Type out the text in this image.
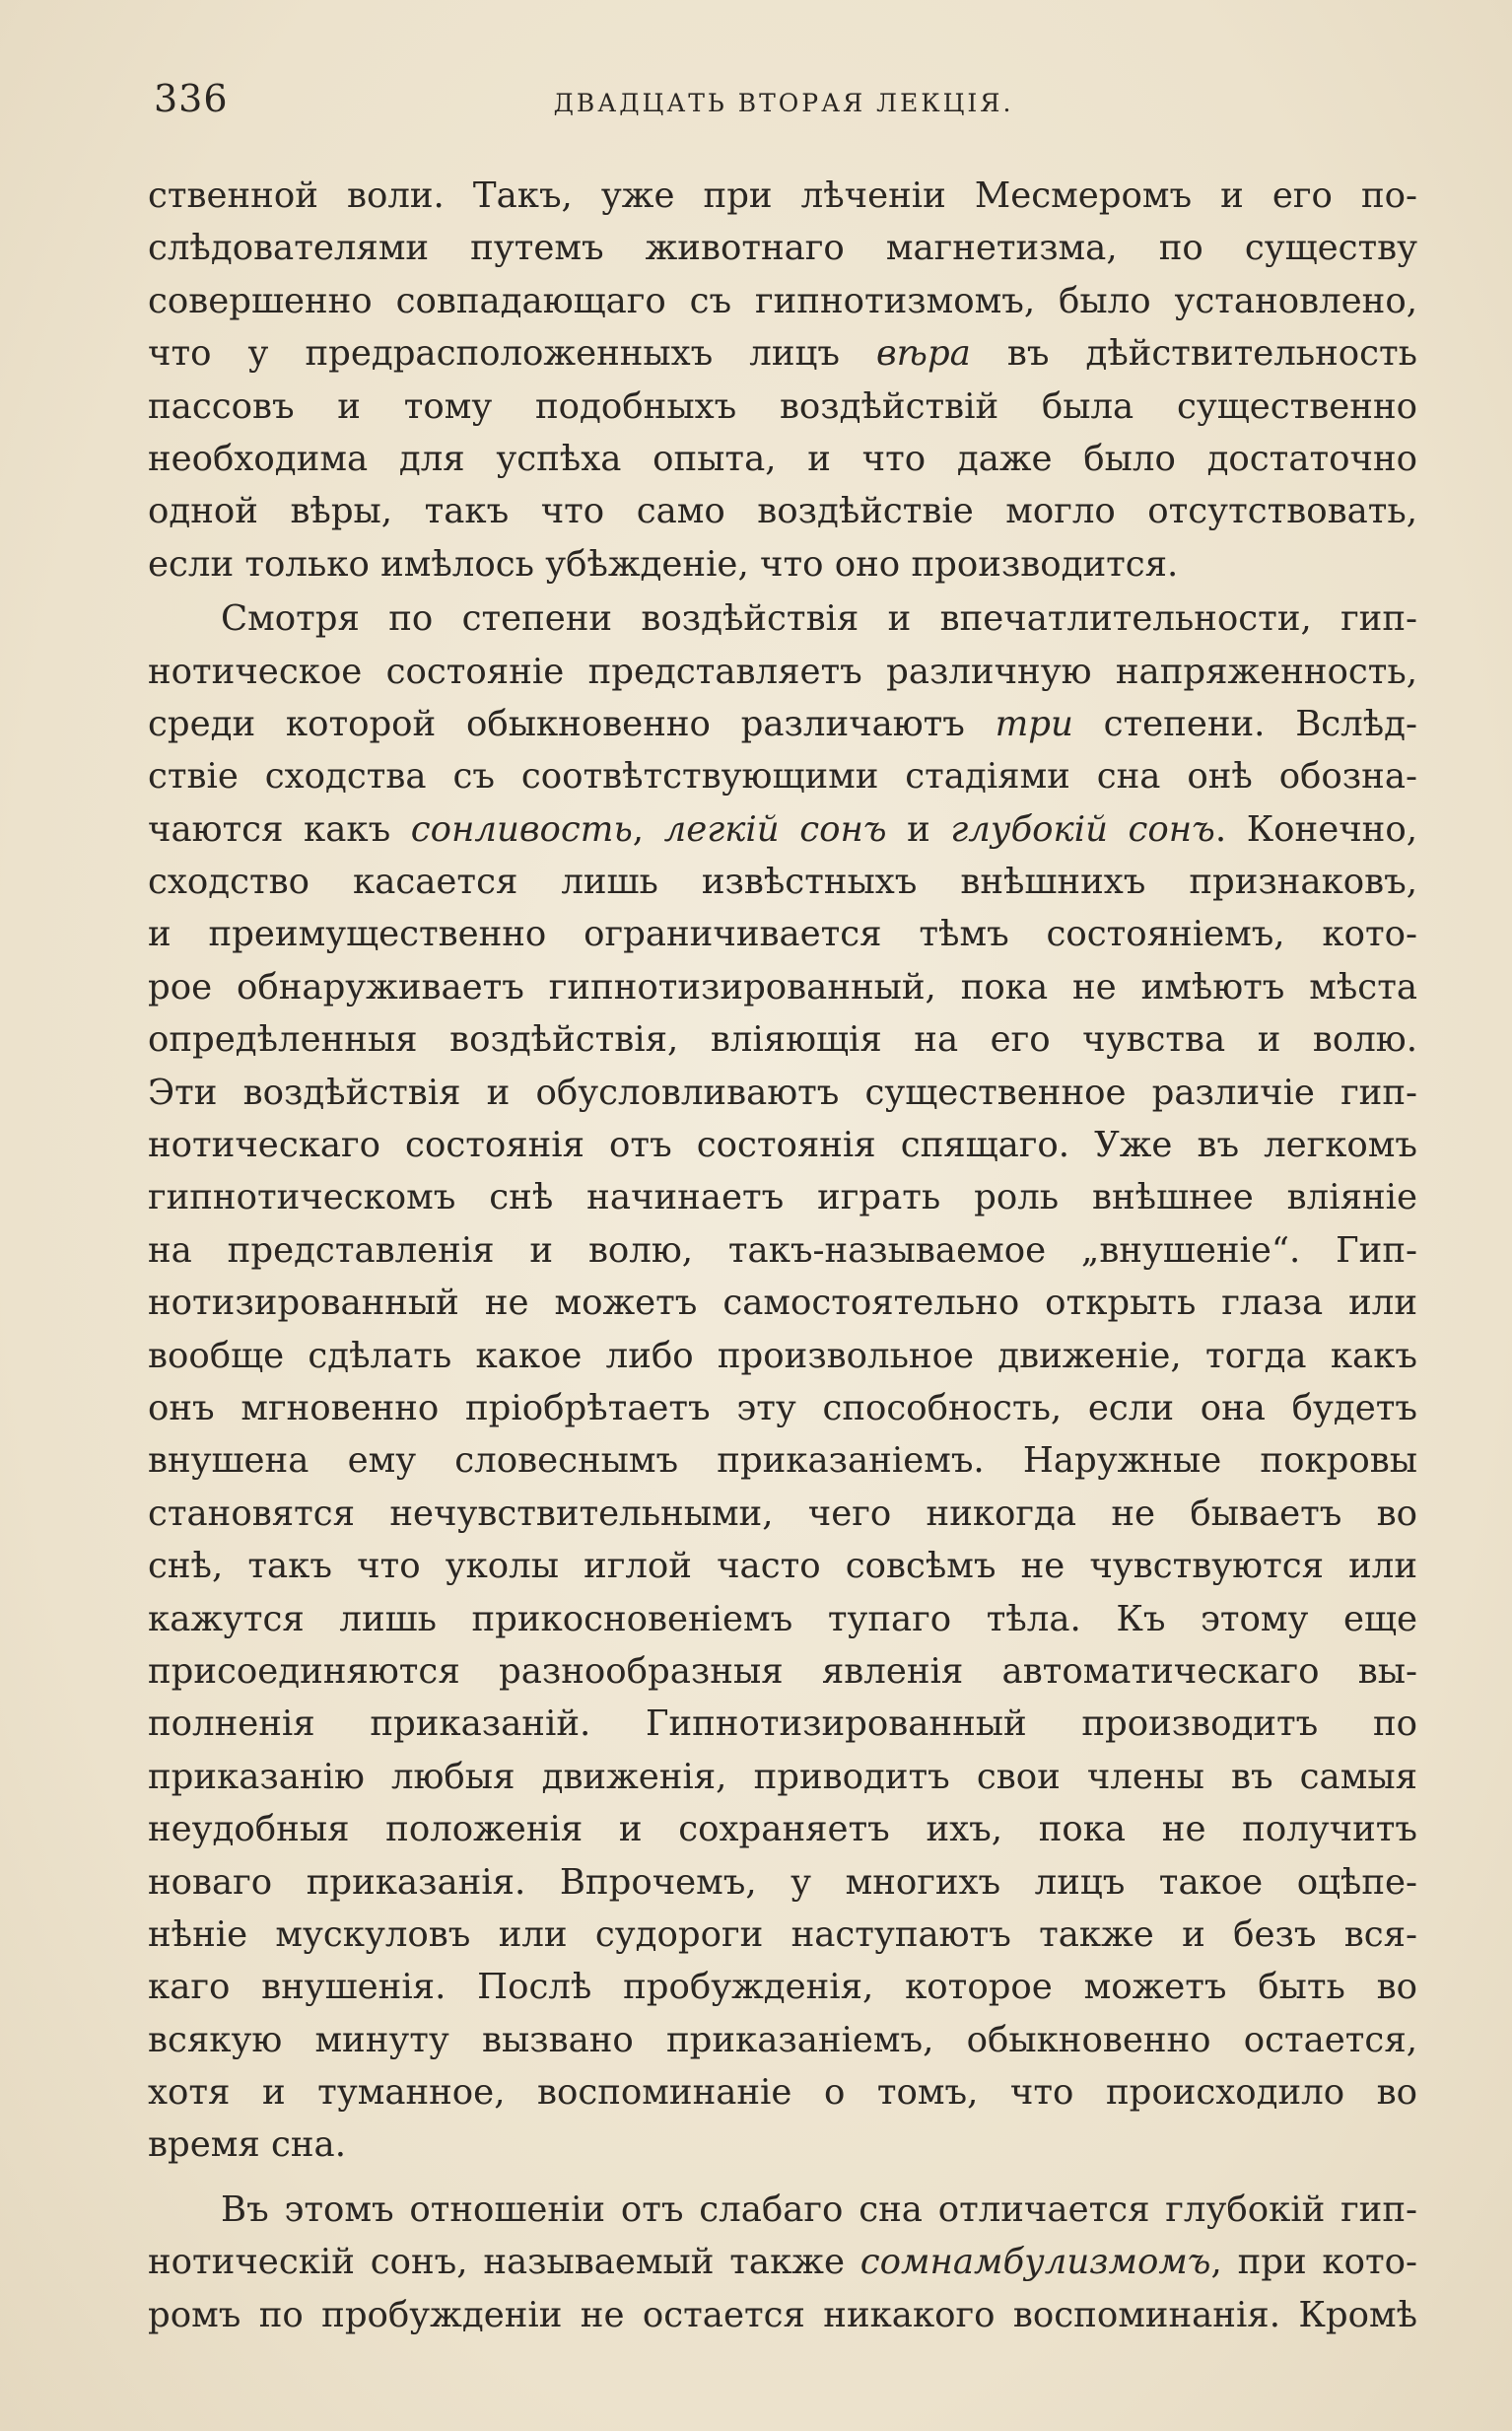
336	ДВАДЦАТЬ ВТОРАЯ ЛЕКЦІЯ.
ственной воли. Такъ, уже при лѣченіи Месмеромъ и его по-
слѣдователями путемъ животнаго магнетизма, по существу
совершенно совпадающаго съ гипнотизмомъ, было установлено,
что у предрасположенныхъ лицъ вѣра въ дѣйствительность
пассовъ и тому подобныхъ воздѣйствій была существенно
необходима для успѣха опыта, и что даже было достаточно
одной вѣры, такъ что само воздѣйствіе могло отсутствовать,
если только имѣлось убѣжденіе, что оно производится.
Смотря по степени воздѣйствія и впечатлительности, гип-
нотическое состояніе представляетъ различную напряженность,
среди которой обыкновенно различаютъ три степени. Вслѣд-
ствіе сходства съ соотвѣтствующими стадіями сна онѣ обозна-
чаются какъ сонливость, легкій сонъ и глубокій сонъ. Конечно,
сходство касается лишь извѣстныхъ внѣшнихъ признаковъ,
и преимущественно ограничивается тѣмъ состояніемъ, кото-
рое обнаруживаетъ гипнотизированный, пока не имѣютъ мѣста
опредѣленныя воздѣйствія, вліяющія на его чувства и волю.
Эти воздѣйствія и обусловливаютъ существенное различіе гип-
нотическаго состоянія отъ состоянія спящаго. Уже въ легкомъ
гипнотическомъ снѣ начинаетъ играть роль внѣшнее вліяніе
на представленія и волю, такъ-называемое „внушеніе“. Гип-
нотизированный не можетъ самостоятельно открыть глаза или
вообще сдѣлать какое либо произвольное движеніе, тогда какъ
онъ мгновенно пріобрѣтаетъ эту способность, если она будетъ
внушена ему словеснымъ приказаніемъ. Наружные покровы
становятся нечувствительными, чего никогда не бываетъ во
снѣ, такъ что уколы иглой часто совсѣмъ не чувствуются или
кажутся лишь прикосновеніемъ тупаго тѣла. Къ этому еще
присоединяются разнообразныя явленія автоматическаго вы-
полненія приказаній. Гипнотизированный производитъ по
приказанію любыя движенія, приводитъ свои члены въ самыя
неудобныя положенія и сохраняетъ ихъ, пока не получитъ
новаго приказанія. Впрочемъ, у многихъ лицъ такое оцѣпе-
нѣніе мускуловъ или судороги наступаютъ также и безъ вся-
каго внушенія. Послѣ пробужденія, которое можетъ быть во
всякую минуту вызвано приказаніемъ, обыкновенно остается,
хотя и туманное, воспоминаніе о томъ, что происходило во
время сна.
Въ этомъ отношеніи отъ слабаго сна отличается глубокій гип-
нотическій сонъ, называемый также сомнамбулизмомъ, при кото-
ромъ по пробужденіи не остается никакого воспоминанія. Кромѣ
